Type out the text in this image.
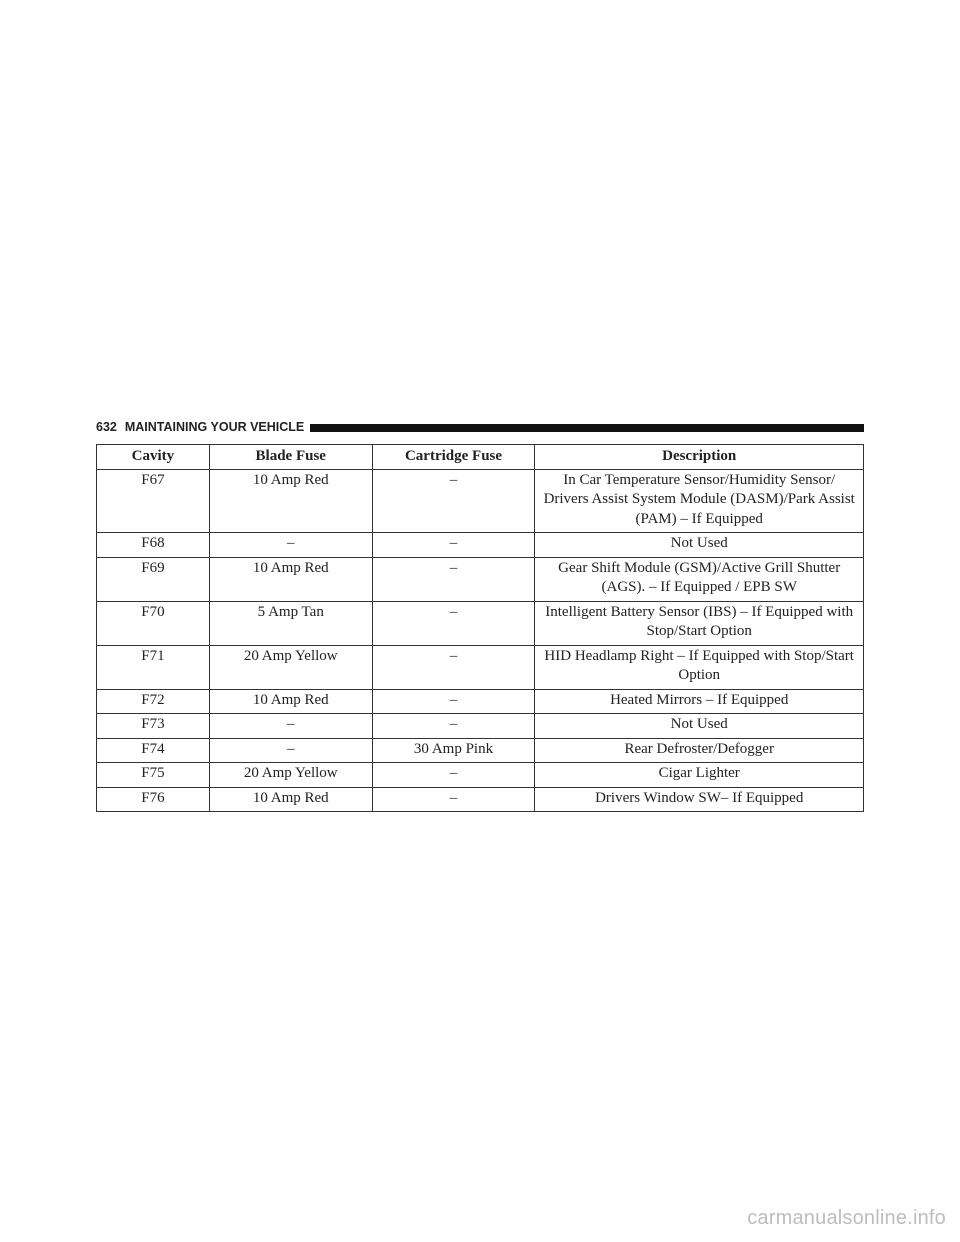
632 MAINTAINING YOUR VEHICLE
Cavity	Blade Fuse	Cartridge Fuse	Description
F67	10 Amp Red	–	In Car Temperature Sensor/Humidity Sensor/ Drivers Assist System Module (DASM)/Park Assist (PAM) – If Equipped
F68	–	–	Not Used
F69	10 Amp Red	–	Gear Shift Module (GSM)/Active Grill Shutter (AGS). – If Equipped / EPB SW
F70	5 Amp Tan	–	Intelligent Battery Sensor (IBS) – If Equipped with Stop/Start Option
F71	20 Amp Yellow	–	HID Headlamp Right – If Equipped with Stop/Start Option
F72	10 Amp Red	–	Heated Mirrors – If Equipped
F73	–	–	Not Used
F74	–	30 Amp Pink	Rear Defroster/Defogger
F75	20 Amp Yellow	–	Cigar Lighter
F76	10 Amp Red	–	Drivers Window SW– If Equipped
carmanualsonline.info
